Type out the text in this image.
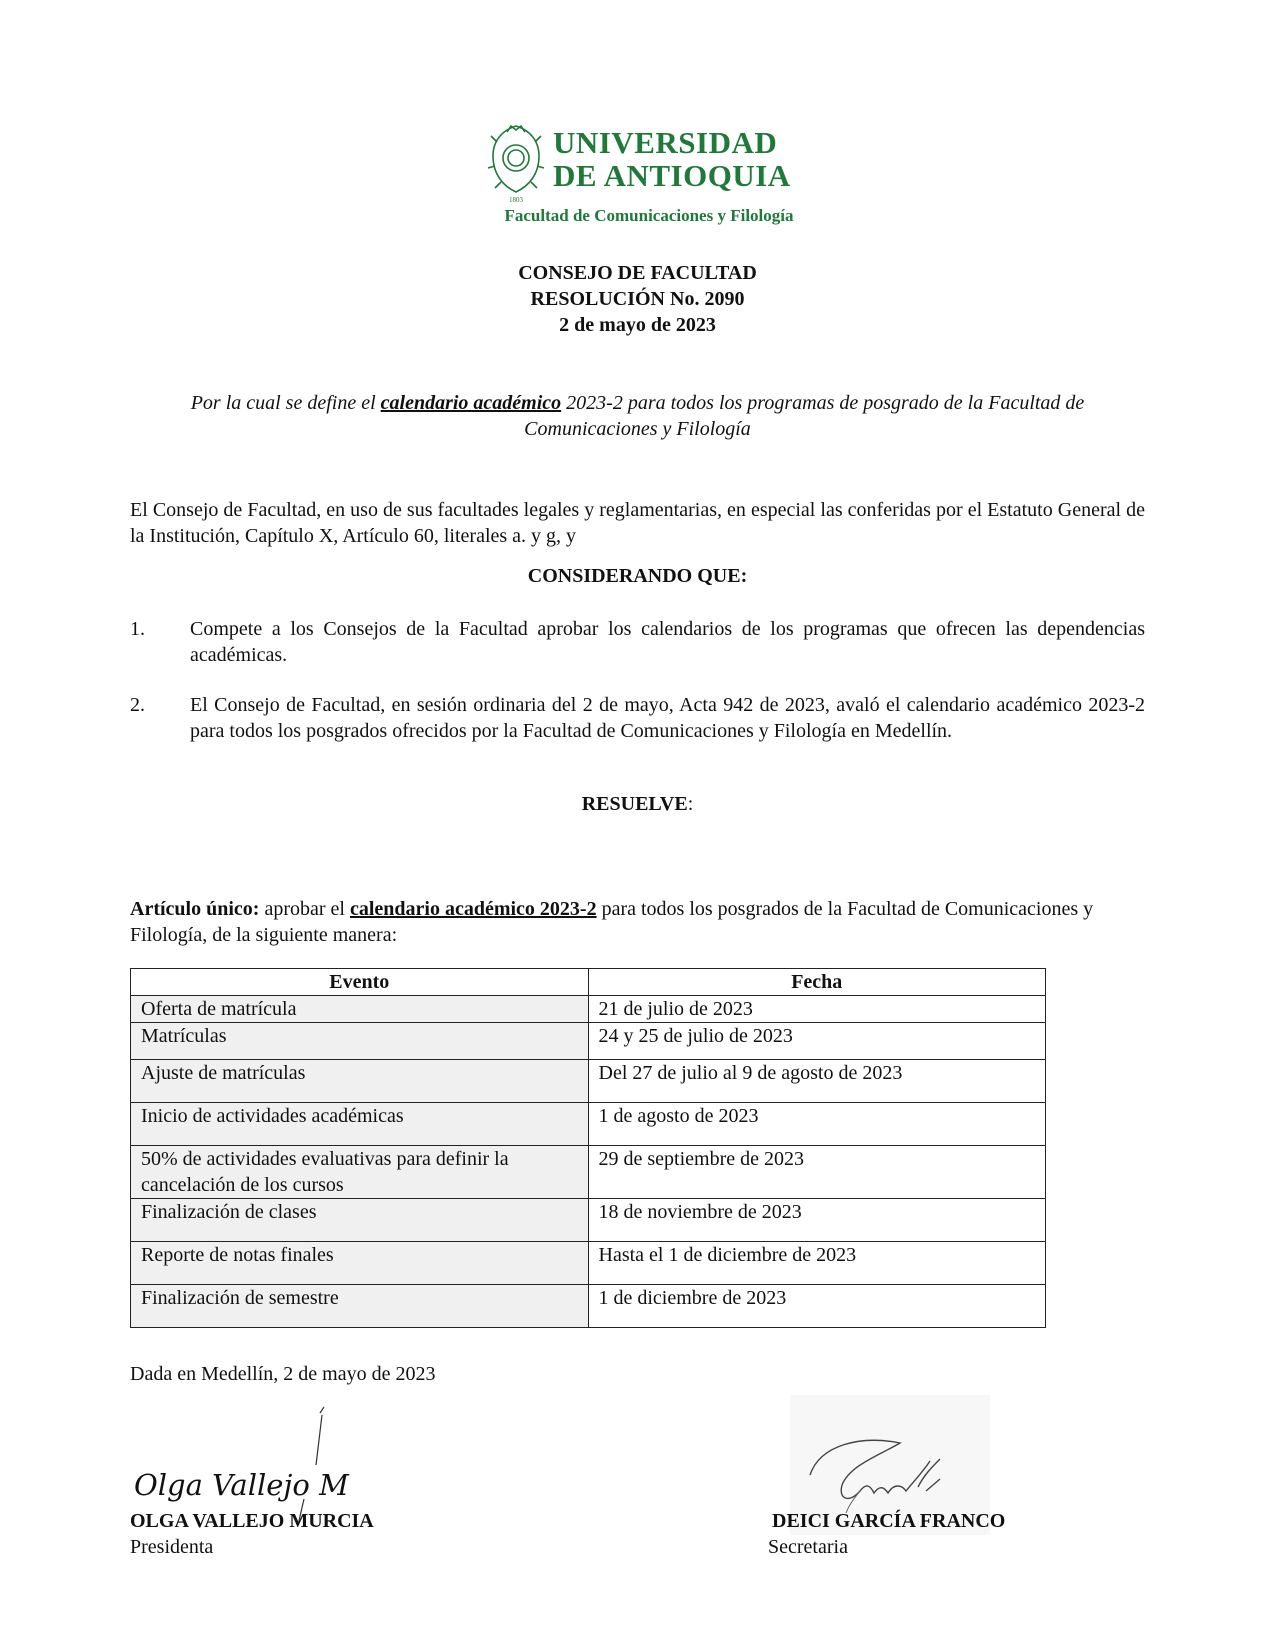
1803
UNIVERSIDAD
DE ANTIOQUIA
Facultad de Comunicaciones y Filología
CONSEJO DE FACULTAD
RESOLUCIÓN No. 2090
2 de mayo de 2023
Por la cual se define el calendario académico 2023-2 para todos los programas de posgrado de la Facultad de Comunicaciones y Filología
El Consejo de Facultad, en uso de sus facultades legales y reglamentarias, en especial las conferidas por el Estatuto General de la Institución, Capítulo X, Artículo 60, literales a. y g, y
CONSIDERANDO QUE:
1. Compete a los Consejos de la Facultad aprobar los calendarios de los programas que ofrecen las dependencias académicas.
2. El Consejo de Facultad, en sesión ordinaria del 2 de mayo, Acta 942 de 2023, avaló el calendario académico 2023-2 para todos los posgrados ofrecidos por la Facultad de Comunicaciones y Filología en Medellín.
RESUELVE:
Artículo único: aprobar el calendario académico 2023-2 para todos los posgrados de la Facultad de Comunicaciones y Filología, de la siguiente manera:
Evento	Fecha
Oferta de matrícula	21 de julio de 2023
Matrículas	24 y 25 de julio de 2023
Ajuste de matrículas	Del 27 de julio al 9 de agosto de 2023
Inicio de actividades académicas	1 de agosto de 2023
50% de actividades evaluativas para definir la cancelación de los cursos	29 de septiembre de 2023
Finalización de clases	18 de noviembre de 2023
Reporte de notas finales	Hasta el 1 de diciembre de 2023
Finalización de semestre	1 de diciembre de 2023
Dada en Medellín, 2 de mayo de 2023
Olga Vallejo M
OLGA VALLEJO MURCIA
Presidenta
DEICI GARCÍA FRANCO
Secretaria
